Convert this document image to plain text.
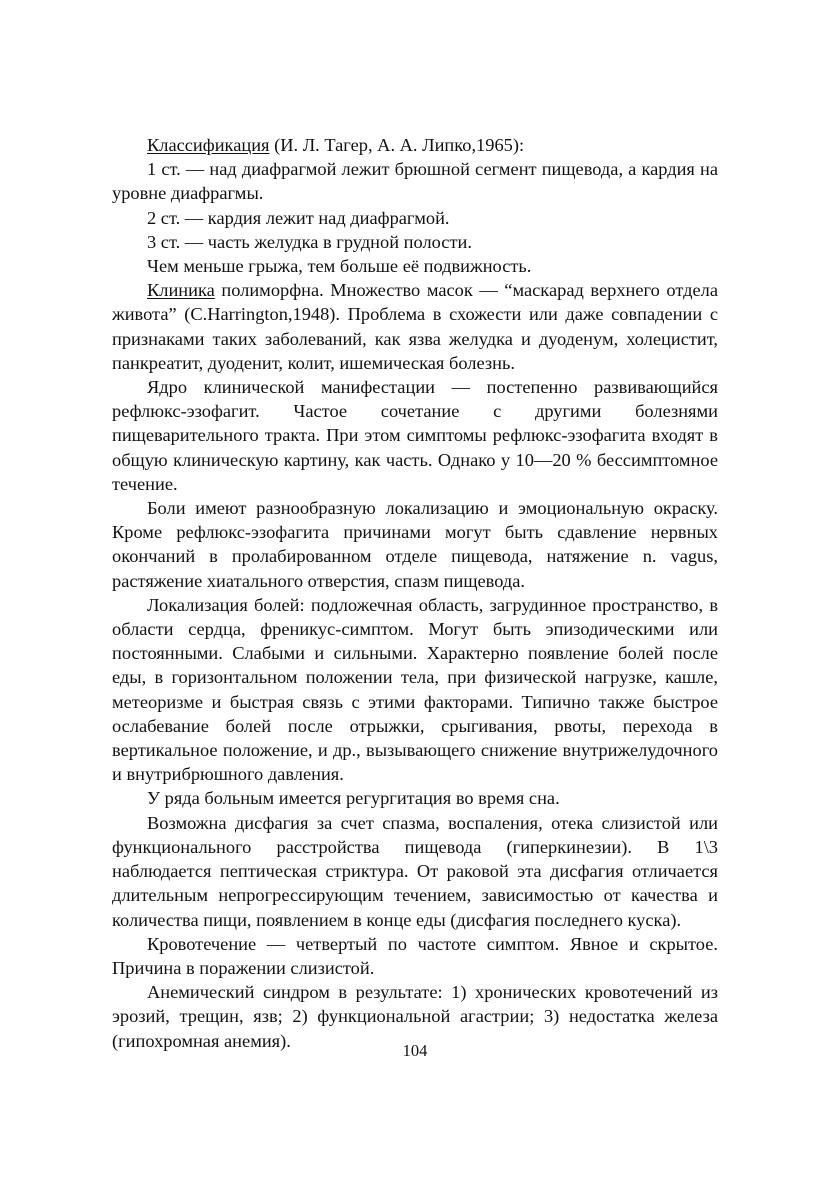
Классификация (И. Л. Тагер, А. А. Липко,1965):

1 ст. — над диафрагмой лежит брюшной сегмент пищевода, а кардия на уровне диафрагмы.

2 ст. — кардия лежит над диафрагмой.

3 ст. — часть желудка в грудной полости.

Чем меньше грыжа, тем больше её подвижность.

Клиника полиморфна. Множество масок — “маскарад верхнего отдела живота” (C.Harrington,1948). Проблема в схожести или даже совпадении с признаками таких заболеваний, как язва желудка и дуоденум, холецистит, панкреатит, дуоденит, колит, ишемическая болезнь.

Ядро клинической манифестации — постепенно развивающийся рефлюкс-эзофагит. Частое сочетание с другими болезнями пищеварительного тракта. При этом симптомы рефлюкс-эзофагита входят в общую клиническую картину, как часть. Однако у 10—20 % бессимптомное течение.

Боли имеют разнообразную локализацию и эмоциональную окраску. Кроме рефлюкс-эзофагита причинами могут быть сдавление нервных окончаний в пролабированном отделе пищевода, натяжение n. vagus, растяжение хиатального отверстия, спазм пищевода.

Локализация болей: подложечная область, загрудинное пространство, в области сердца, френикус-симптом. Могут быть эпизодическими или постоянными. Слабыми и сильными. Характерно появление болей после еды, в горизонтальном положении тела, при физической нагрузке, кашле, метеоризме и быстрая связь с этими факторами. Типично также быстрое ослабевание болей после отрыжки, срыгивания, рвоты, перехода в вертикальное положение, и др., вызывающего снижение внутрижелудочного и внутрибрюшного давления.

У ряда больным имеется регургитация во время сна.

Возможна дисфагия за счет спазма, воспаления, отека слизистой или функционального расстройства пищевода (гиперкинезии). В 1\3 наблюдается пептическая стриктура. От раковой эта дисфагия отличается длительным непрогрессирующим течением, зависимостью от качества и количества пищи, появлением в конце еды (дисфагия последнего куска).

Кровотечение — четвертый по частоте симптом. Явное и скрытое. Причина в поражении слизистой.

Анемический синдром в результате: 1) хронических кровотечений из эрозий, трещин, язв; 2) функциональной агастрии; 3) недостатка железа (гипохромная анемия).	104
